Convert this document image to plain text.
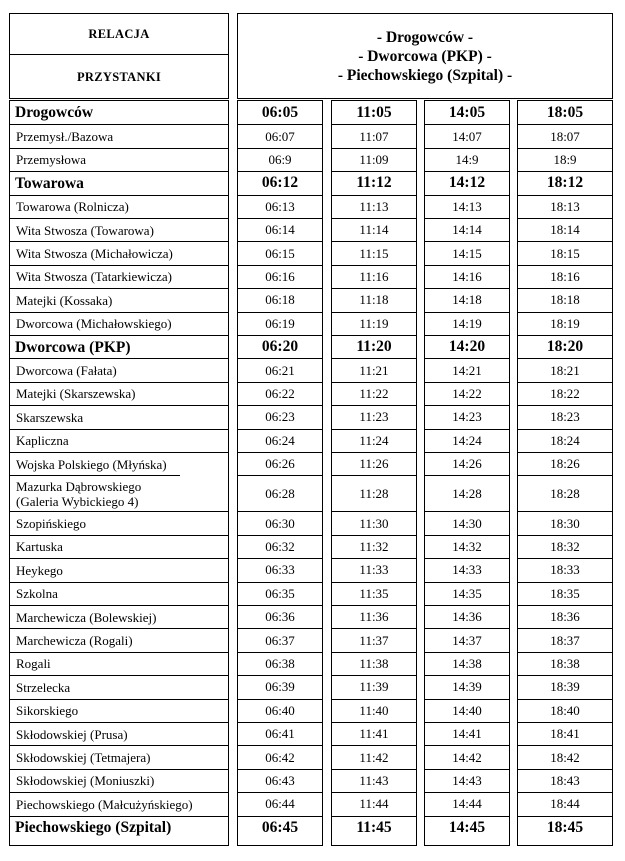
RELACJA
PRZYSTANKI
- Drogowców -
- Dworcowa (PKP) -
- Piechowskiego (Szpital) -
Drogowców
Przemysł./Bazowa
Przemysłowa
Towarowa
Towarowa (Rolnicza)
Wita Stwosza (Towarowa)
Wita Stwosza (Michałowicza)
Wita Stwosza (Tatarkiewicza)
Matejki (Kossaka)
Dworcowa (Michałowskiego)
Dworcowa (PKP)
Dworcowa (Fałata)
Matejki (Skarszewska)
Skarszewska
Kapliczna
Wojska Polskiego (Młyńska)
Mazurka Dąbrowskiego (Galeria Wybickiego 4)
Szopińskiego
Kartuska
Heykego
Szkolna
Marchewicza (Bolewskiej)
Marchewicza (Rogali)
Rogali
Strzelecka
Sikorskiego
Skłodowskiej (Prusa)
Skłodowskiej (Tetmajera)
Skłodowskiej (Moniuszki)
Piechowskiego (Małcużyńskiego)
Piechowskiego (Szpital)
06:05
06:07
06:9
06:12
06:13
06:14
06:15
06:16
06:18
06:19
06:20
06:21
06:22
06:23
06:24
06:26
06:28
06:30
06:32
06:33
06:35
06:36
06:37
06:38
06:39
06:40
06:41
06:42
06:43
06:44
06:45
11:05
11:07
11:09
11:12
11:13
11:14
11:15
11:16
11:18
11:19
11:20
11:21
11:22
11:23
11:24
11:26
11:28
11:30
11:32
11:33
11:35
11:36
11:37
11:38
11:39
11:40
11:41
11:42
11:43
11:44
11:45
14:05
14:07
14:9
14:12
14:13
14:14
14:15
14:16
14:18
14:19
14:20
14:21
14:22
14:23
14:24
14:26
14:28
14:30
14:32
14:33
14:35
14:36
14:37
14:38
14:39
14:40
14:41
14:42
14:43
14:44
14:45
18:05
18:07
18:9
18:12
18:13
18:14
18:15
18:16
18:18
18:19
18:20
18:21
18:22
18:23
18:24
18:26
18:28
18:30
18:32
18:33
18:35
18:36
18:37
18:38
18:39
18:40
18:41
18:42
18:43
18:44
18:45
